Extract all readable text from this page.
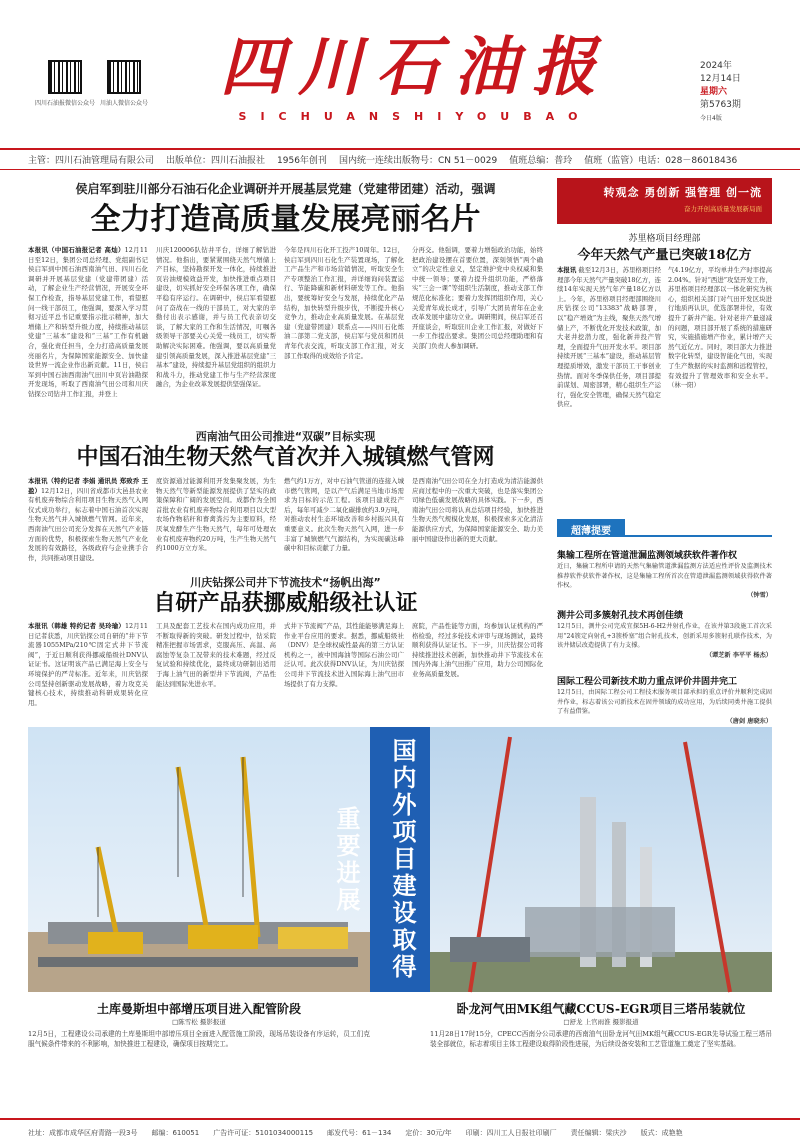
四川石油报微信公众号 川油人微信公众号 四川石油报
SICHUANSHIYOUBAO
2024年
12月14日
星期六
第5763期
今日4版
主管：四川石油管理局有限公司 出版单位：四川石油报社 1956年创刊 国内统一连续出版物号：CN 51－0029 值班总编：普玲 值班（监管）电话：028－86018436
侯启军到驻川部分石油石化企业调研并开展基层党建（党建带团建）活动，强调
全力打造高质量发展亮丽名片
本报讯（中国石油报记者 高灿）12月11日至12日，集团公司总经理、党组副书记侯启军到中国石油西南油气田、四川石化调研并开展基层党建（党建带团建）活动，了解企业生产经营情况，开展安全环保工作检查，指导基层党建工作，看望慰问一线干部员工，他强调，要深入学习贯彻习近平总书记重要指示批示精神，加大增储上产和转型升级力度，持续推动基层党建“三基本”建设和“三基”工作有机融合，强化责任担当，全力打造高质量发展亮丽名片，为保障国家能源安全、加快建设世界一流企业作出新贡献。11日，侯启军到中国石油西南油气田川中页岩油勘探开发现场，听取了西南油气田公司和川庆钻探公司钻井工作汇报，并登上
川庆120006队钻井平台，详细了解钻进情况。他指出，要紧紧围绕天然气增储上产目标，坚持勘探开发一体化，持续推进页岩油规模效益开发，加快推进重点项目建设，切实抓好安全环保各项工作，确保平稳有序运行。在调研中，侯启军看望慰问了奋战在一线的干部员工，对大家的辛勤付出表示感谢，并与员工代表亲切交谈，了解大家的工作和生活情况，叮嘱各级领导干部要关心关爱一线员工，切实帮助解决实际困难。他强调，要以高质量党建引领高质量发展，深入推进基层党建“三基本”建设，持续提升基层党组织的组织力和战斗力，推动党建工作与生产经营深度融合，为企业改革发展提供坚强保证。
今年是四川石化开工投产10周年。12日，侯启军到四川石化生产装置现场，了解化工产品生产和市场营销情况，听取安全生产专项整治工作汇报，并详细询问装置运行、节能降碳和新材料研发等工作。他指出，要统筹好安全与发展，持续优化产品结构，加快转型升级步伐，不断提升核心竞争力，推动企业高质量发展。在基层党建（党建带团建）联系点——四川石化炼油二部第二党支部，侯启军与党员和团员青年代表交流，听取支部工作汇报，对支部工作取得的成效给予肯定。
分再交。他强调，要着力增强政治功能，始终把政治建设摆在首要位置，深刻领悟“两个确立”的决定性意义，坚定维护党中央权威和集中统一领导；要着力提升组织功能，严格落实“三会一课”等组织生活制度，推动支部工作规范化标准化；要着力发挥团组织作用，关心关爱青年成长成才，引导广大团员青年在企业改革发展中建功立业。调研期间，侯启军还召开座谈会，听取驻川企业工作汇报，对做好下一步工作提出要求。集团公司总经理助理和有关部门负责人参加调研。
转观念 勇创新 强管理 创一流
奋力开创高质量发展新局面
苏里格项目经理部
今年天然气产量已突破18亿方
本报讯 截至12月3日，苏里格项目经理部今年天然气产量突破18亿方，连续14年实现天然气年产量18亿方以上。今年，苏里格项目经理部围绕川庆钻探公司“13383”战略部署，以“稳产增效”为主线，聚焦天然气增储上产，不断优化开发技术政策，加大老井挖潜力度，强化新井投产管理，全面提升气田开发水平。项目部持续开展“三基本”建设，推动基层管理提质增效，激发干部员工干事创业热情。面对冬季保供任务，项目部提前谋划、周密部署，精心组织生产运行，强化安全管理，确保天然气稳定供应。
气4.19亿方，平均单井生产时率提高2.04%。针对“西进”攻坚开发工作，苏里格项目经理部以一体化研究为核心，组织相关部门对气田开发区块进行地质再认识，优选部署井位，有效提升了新井产能。针对老井产量递减的问题，项目部开展了系统的措施研究，实施措施增产作业，累计增产天然气近亿方。同时，项目部大力推进数字化转型，建设智能化气田，实现了生产数据的实时监测和远程管控，有效提升了管理效率和安全水平。（林一阳）
西南油气田公司推进“双碳”目标实现
中国石油生物天然气首次并入城镇燃气管网
本报讯（特约记者 李娟 通讯员 郑致乔 王盈）12月12日，四川省成都市大邑县农业有机废弃物综合利用项目生物天然气入网仪式成功举行，标志着中国石油首次实现生物天然气并入城镇燃气管网。近年来，西南油气田公司充分发挥在天然气产业链方面的优势，积极探索生物天然气产业化发展的有效路径，各级政府与企业携手合作，共同推动项目建设。
度资源通过能源利用开发集聚发展，为生物天然气等新型能源发展提供了坚实的政策保障和广阔的发展空间。成都作为全国首批农业有机废弃物综合利用项目以大型农场作物秸秆和畜禽粪污为主要原料，经厌氧发酵生产生物天然气，每年可处理农业有机废弃物约20万吨，生产生物天然气约1000万立方米。
燃气约1万方，对中石油气管道的连接入城市燃气管网，是以产气后满足当地市场需求为目标的示范工程。该项目建成投产后，每年可减少二氧化碳排放约3.9万吨，对推动农村生态环境改善和乡村振兴具有重要意义。此次生物天然气入网，进一步丰富了城镇燃气气源结构，为实现碳达峰碳中和目标贡献了力量。
是西南油气田公司在全力打造成为清洁能源供应商过程中的一次重大突破，也是落实集团公司绿色低碳发展战略的具体实践。下一步，西南油气田公司将认真总结项目经验，加快推进生物天然气规模化发展，积极探索多元化清洁能源供应方式，为保障国家能源安全、助力美丽中国建设作出新的更大贡献。
川庆钻探公司井下节流技术“扬帆出海”
自研产品获挪威船级社认证
本报讯（韩雄 特约记者 吴玲瑜）12月11日记者获悉，川庆钻探公司自研的“井下节流器1055MPa/210℃固定式井下节流阀”，于近日顺利获得挪威船级社DNV认证证书。这证明该产品已满足海上安全与环境保护的严苛标准。近年来，川庆钻探公司坚持创新驱动发展战略，着力攻克关键核心技术，持续推动科研成果转化应用。
工具及配套工艺技术在国内成功应用，并不断取得新的突破。研发过程中，钻采院精准把握市场需求，克服高压、高温、高腐蚀等复杂工况带来的技术难题，经过反复试验和持续优化，最终成功研制出适用于海上油气田的新型井下节流阀，产品性能达到国际先进水平。
式井下节流阀”产品，其性能能够满足海上作业平台应用的要求。据悉，挪威船级社（DNV）是全球权威性最高的第三方认证机构之一，被中国海油等国际石油公司广泛认可。此次获得DNV认证，为川庆钻探公司井下节流技术进入国际海上油气田市场提供了有力支撑。
庶院，产品性能等方面，均参加认证机构的严格检验，经过多轮技术评审与现场测试，最终顺利获得认证证书。下一步，川庆钻探公司将持续推进技术创新，加快推动井下节流技术在国内外海上油气田推广应用，助力公司国际化业务高质量发展。
超薄提要
集输工程所在管道泄漏监测领域获软件著作权
近日，集输工程所申请的天然气集输管道泄漏监测方法适应性评价及监测技术推荐软件获软件著作权，这是集输工程所首次在管道泄漏监测领域获得软件著作权。
（钟雪）
测井公司多簇射孔技术再创佳绩
12月5日，测井公司完成宜探5H-6-H2井射孔作业，在该井第3段施工首次采用“24簇定向射孔+3簇桥塞”组合射孔技术，创新采用多簇射孔联作技术，为该井储层改造提供了有力支撑。
（谭芝新 李平平 杨杰）
国际工程公司新技术助力重点评价井固井完工
12月5日，由国际工程公司工程技术服务项目部承担的重点评价井顺利完成固井作业，标志着该公司新技术在固井领域的成功应用，为后续同类井施工提供了有益借鉴。
（唐剑 唐晓东）
国内外项目建设取得重要进展
土库曼斯坦中部增压项目进入配管阶段
□陈雪松 摄影报道
12月5日，工程建设公司承建的土库曼斯坦中部增压项目全面进入配管施工阶段，现场吊装设备有序运转，员工们克服气候条件带来的不利影响，加快推进工程建设，确保项目按期完工。
卧龙河气田MK组气藏CCUS-EGR项目三塔吊装就位
□舒龙 上官雨淮 摄影报道
11月28日17时15分，CPECC西南分公司承建的西南油气田卧龙河气田MK组气藏CCUS-EGR先导试验工程三塔吊装全部就位，标志着项目主体工程建设取得阶段性进展，为后续设备安装和工艺管道施工奠定了坚实基础。
社址：成都市成华区府青路一段3号 邮编：610051 广告许可证：5101034000115 邮发代号：61－134 定价：30元/年 印刷：四川工人日报社印刷厂 责任编辑：梁庆沙 版式：成艳艳
